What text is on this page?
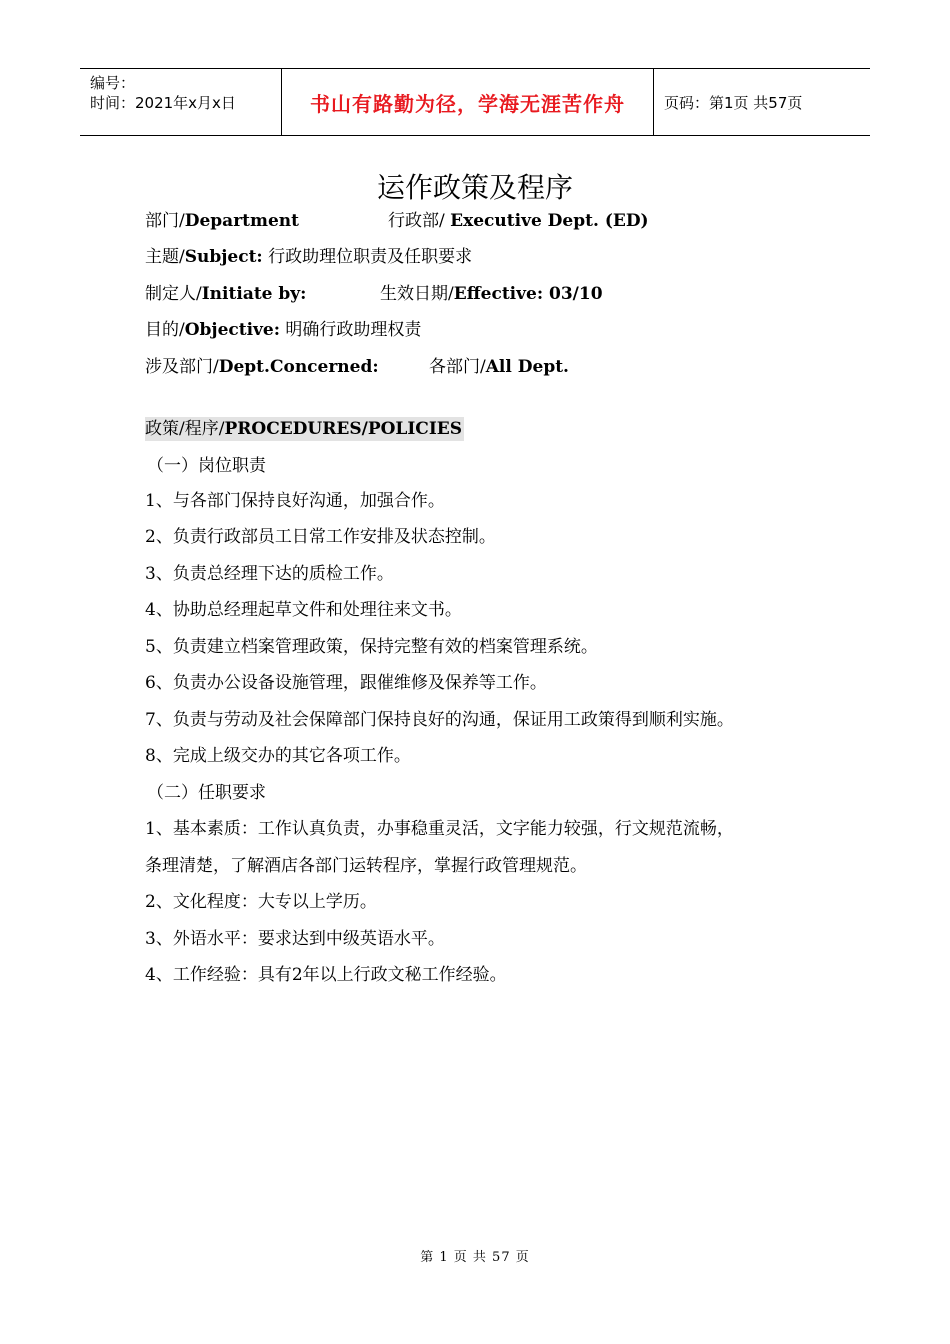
编号：
时间：2021年x月x日	书山有路勤为径，学海无涯苦作舟	页码：第1页 共57页
运作政策及程序
部门/Department	行政部/ Executive Dept. (ED)
主题/Subject: 行政助理位职责及任职要求
制定人/Initiate by:	生效日期/Effective: 03/10
目的/Objective: 明确行政助理权责
涉及部门/Dept.Concerned:	各部门/All Dept.
政策/程序/PROCEDURES/POLICIES
（一）岗位职责
1、与各部门保持良好沟通，加强合作。
2、负责行政部员工日常工作安排及状态控制。
3、负责总经理下达的质检工作。
4、协助总经理起草文件和处理往来文书。
5、负责建立档案管理政策，保持完整有效的档案管理系统。
6、负责办公设备设施管理，跟催维修及保养等工作。
7、负责与劳动及社会保障部门保持良好的沟通，保证用工政策得到顺利实施。
8、完成上级交办的其它各项工作。
（二）任职要求
1、基本素质：工作认真负责，办事稳重灵活，文字能力较强，行文规范流畅，
条理清楚，了解酒店各部门运转程序，掌握行政管理规范。
2、文化程度：大专以上学历。
3、外语水平：要求达到中级英语水平。
4、工作经验：具有2年以上行政文秘工作经验。
第 1 页 共 57 页
